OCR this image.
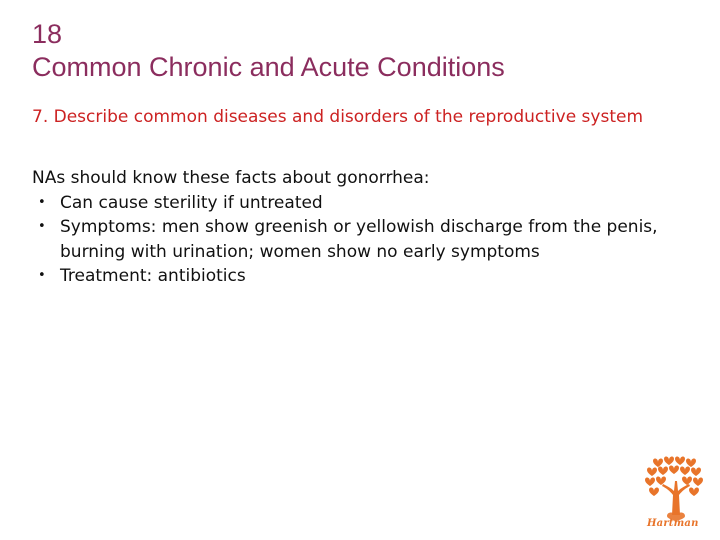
18
Common Chronic and Acute Conditions

7. Describe common diseases and disorders of the reproductive system

NAs should know these facts about gonorrhea:

• Can cause sterility if untreated
• Symptoms: men show greenish or yellowish discharge from the penis, burning with urination; women show no early symptoms
• Treatment: antibiotics
Hartman
